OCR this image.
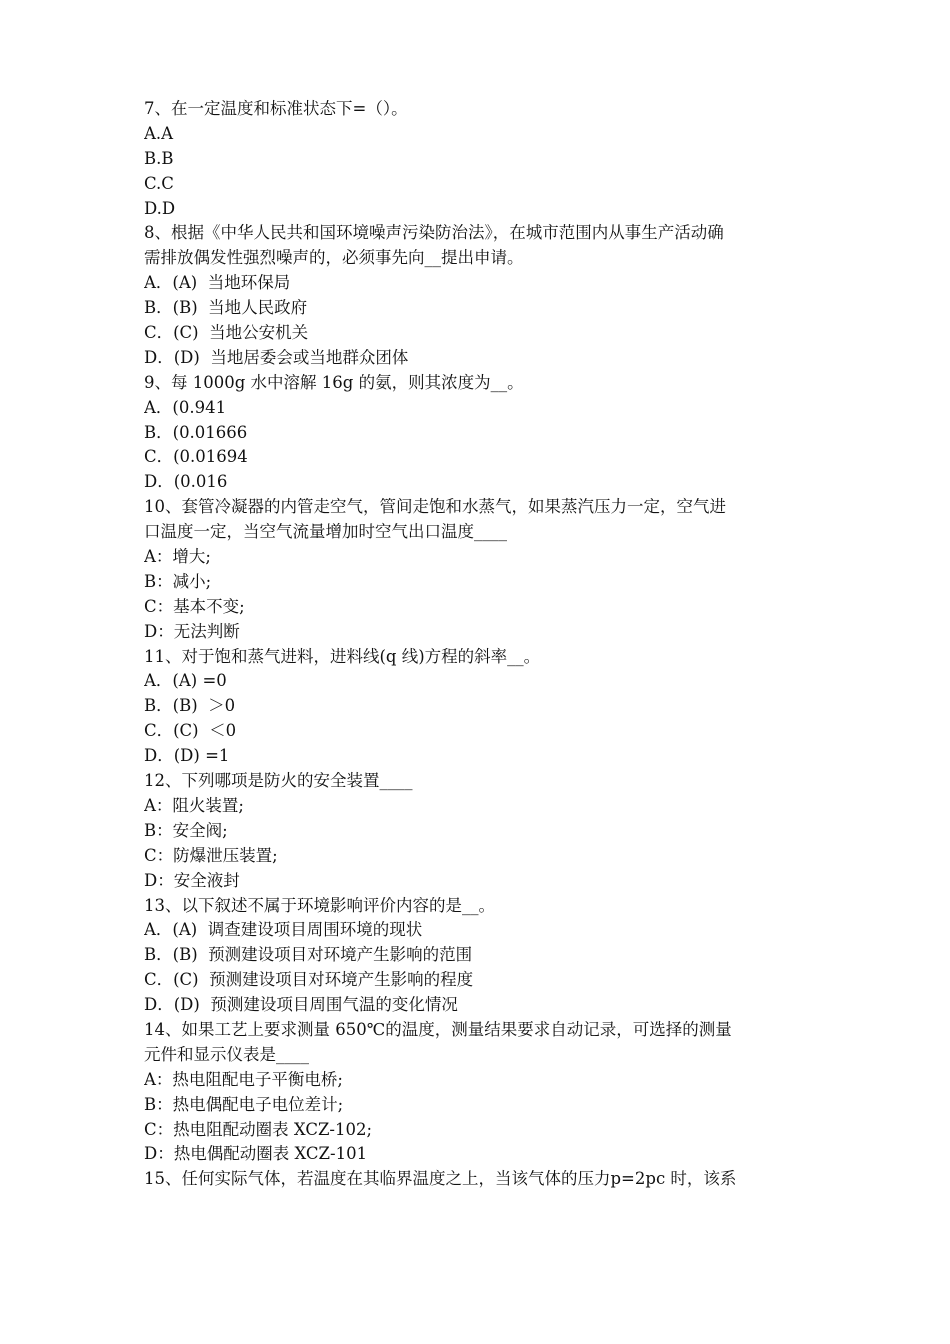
7、在一定温度和标准状态下=（）。
A.A
B.B
C.C
D.D
8、根据《中华人民共和国环境噪声污染防治法》，在城市范围内从事生产活动确
需排放偶发性强烈噪声的，必须事先向__提出申请。
A．(A)  当地环保局
B．(B)  当地人民政府
C．(C)  当地公安机关
D．(D)  当地居委会或当地群众团体
9、每 1000g 水中溶解 16g 的氨，则其浓度为__。
A．(0.941
B．(0.01666
C．(0.01694
D．(0.016
10、套管冷凝器的内管走空气，管间走饱和水蒸气，如果蒸汽压力一定，空气进
口温度一定，当空气流量增加时空气出口温度____
A：增大;
B：减小;
C：基本不变;
D：无法判断
11、对于饱和蒸气进料，进料线(q 线)方程的斜率__。
A．(A) =0
B．(B)  ＞0
C．(C)  ＜0
D．(D) =1
12、下列哪项是防火的安全装置____
A：阻火装置;
B：安全阀;
C：防爆泄压装置;
D：安全液封
13、以下叙述不属于环境影响评价内容的是__。
A．(A)  调查建设项目周围环境的现状
B．(B)  预测建设项目对环境产生影响的范围
C．(C)  预测建设项目对环境产生影响的程度
D．(D)  预测建设项目周围气温的变化情况
14、如果工艺上要求测量 650℃的温度，测量结果要求自动记录，可选择的测量
元件和显示仪表是____
A：热电阻配电子平衡电桥;
B：热电偶配电子电位差计;
C：热电阻配动圈表 XCZ-102;
D：热电偶配动圈表 XCZ-101
15、任何实际气体，若温度在其临界温度之上，当该气体的压力p=2pc 时，该系
